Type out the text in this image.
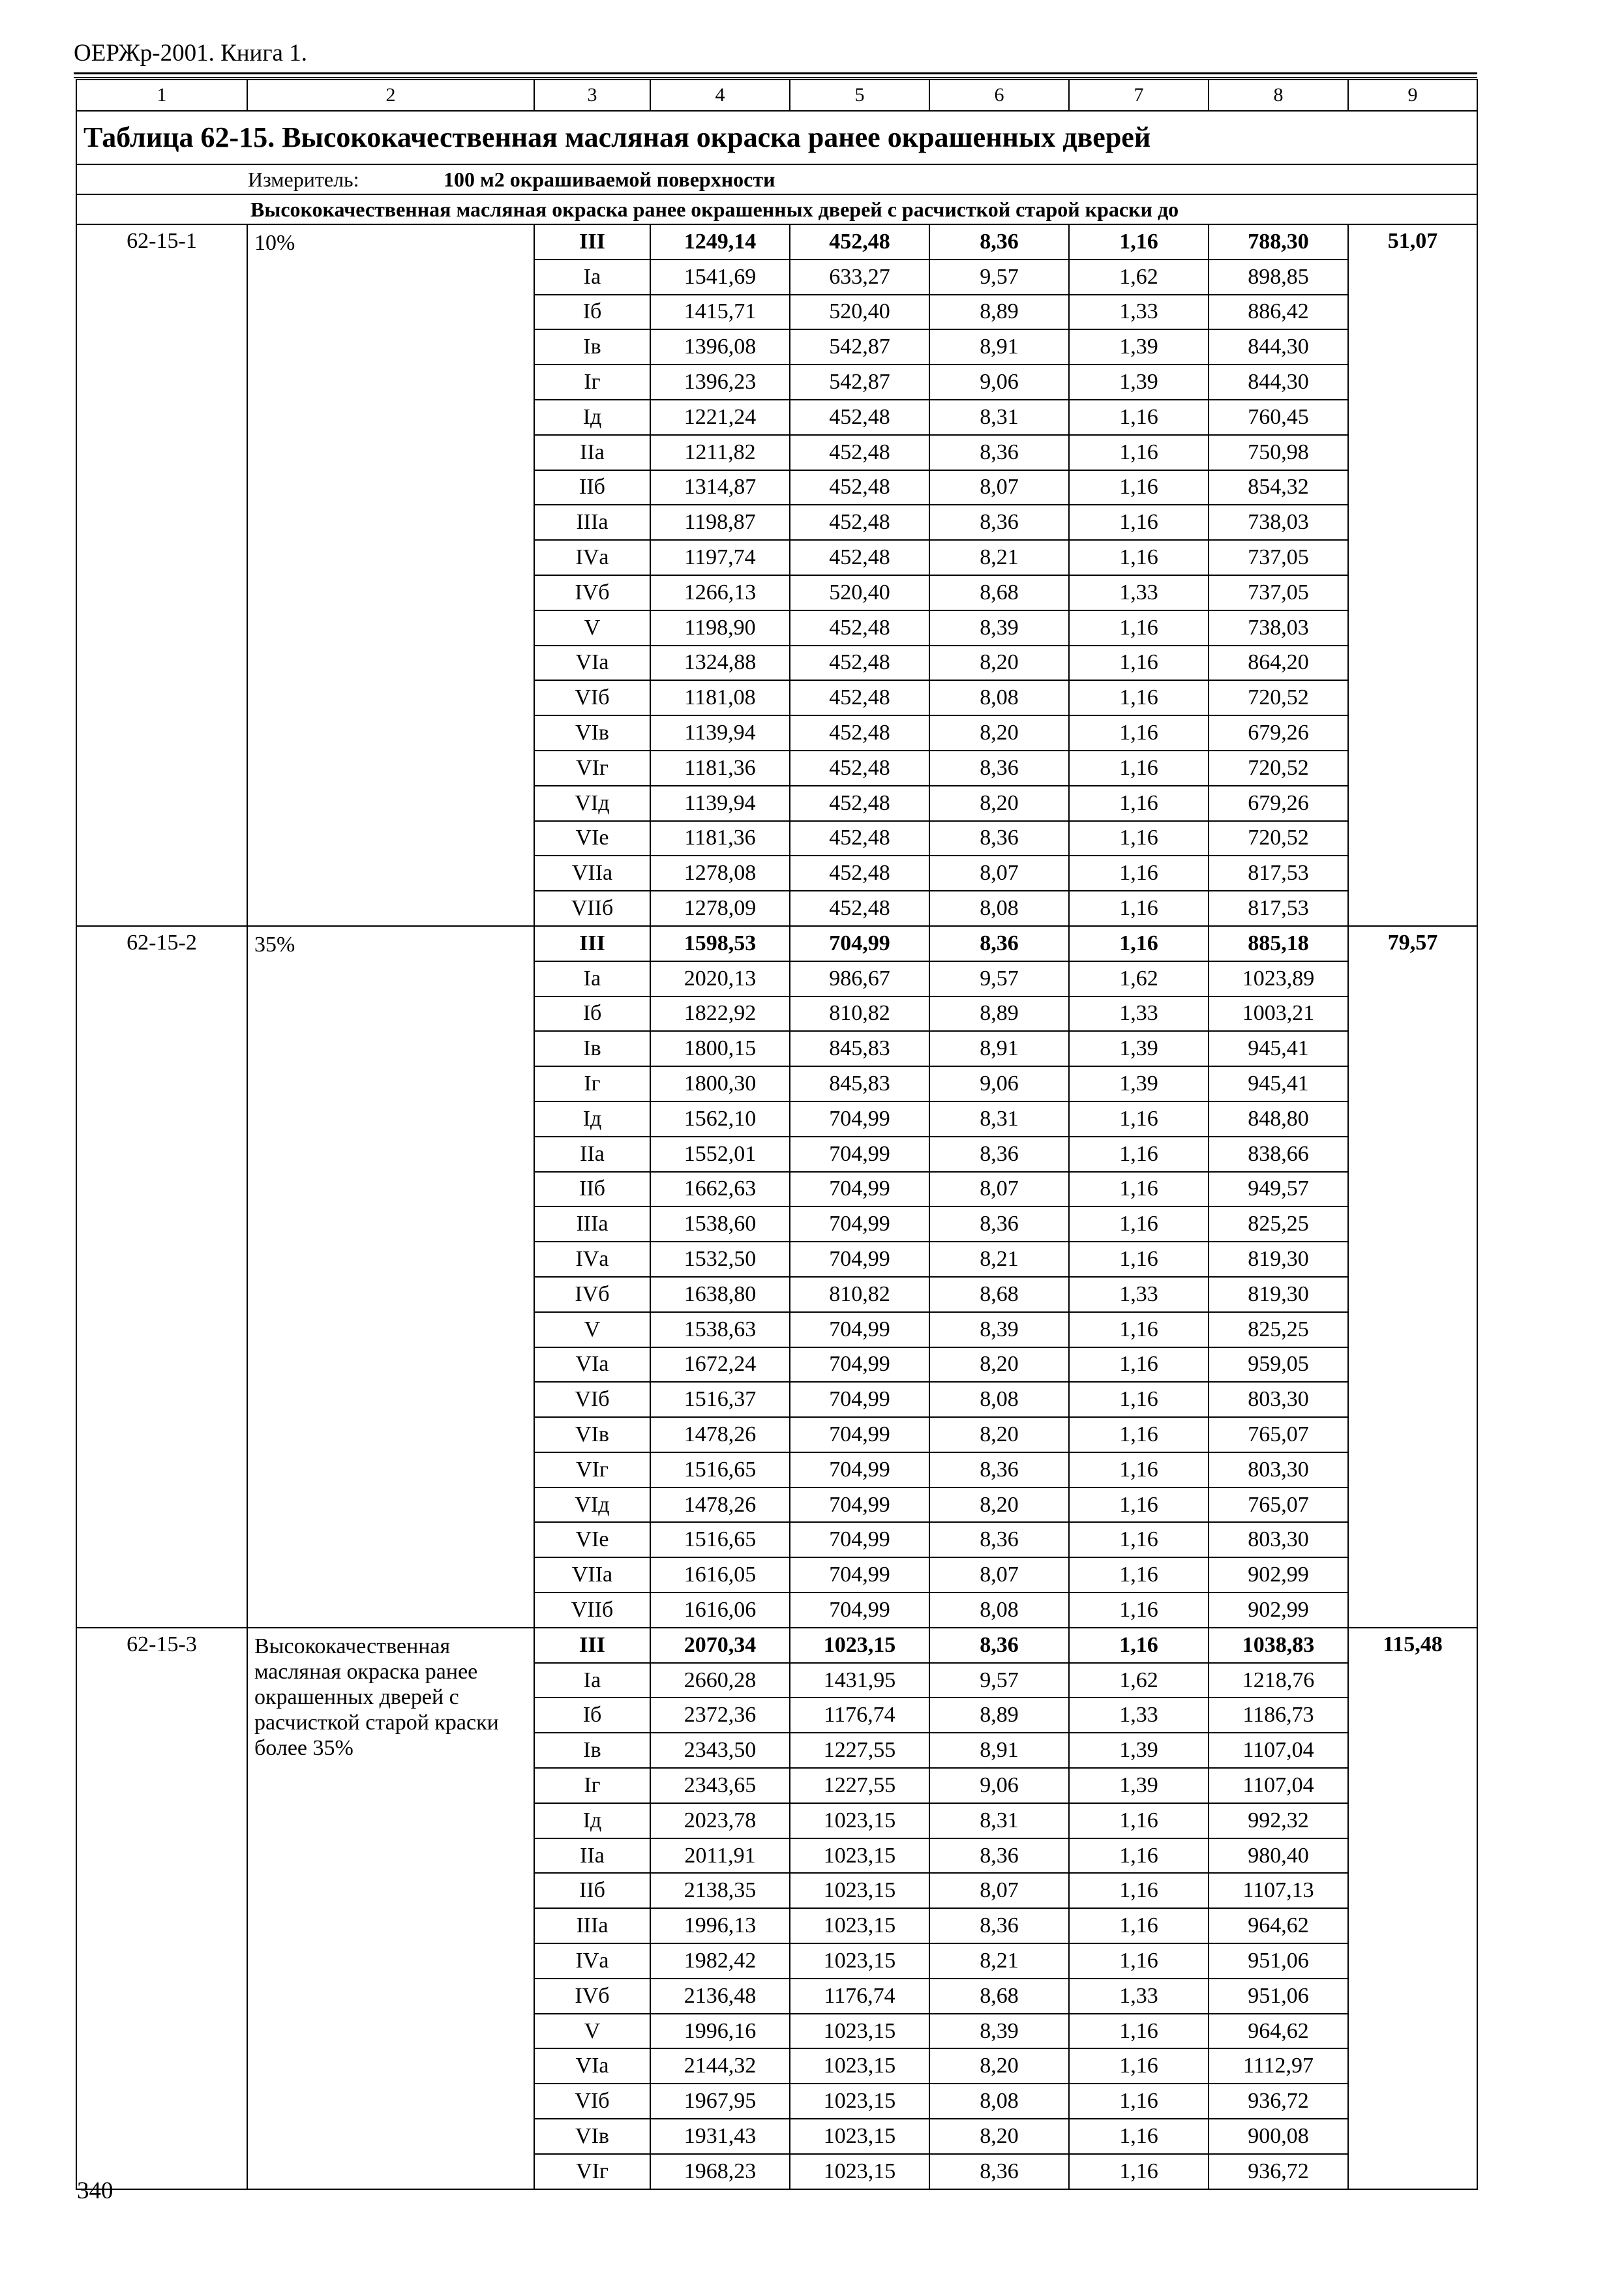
ОЕРЖр-2001. Книга 1.
1	2	3	4	5	6	7	8	9
Таблица 62-15. Высококачественная масляная окраска ранее окрашенных дверей								
Измеритель: 100 м2 окрашиваемой поверхности								
Высококачественная масляная окраска ранее окрашенных дверей с расчисткой старой краски до								
62-15-1	10%	III	1249,14	452,48	8,36	1,16	788,30	51,07
		Iа	1541,69	633,27	9,57	1,62	898,85	
		Iб	1415,71	520,40	8,89	1,33	886,42	
		Iв	1396,08	542,87	8,91	1,39	844,30	
		Iг	1396,23	542,87	9,06	1,39	844,30	
		Iд	1221,24	452,48	8,31	1,16	760,45	
		IIа	1211,82	452,48	8,36	1,16	750,98	
		IIб	1314,87	452,48	8,07	1,16	854,32	
		IIIа	1198,87	452,48	8,36	1,16	738,03	
		IVа	1197,74	452,48	8,21	1,16	737,05	
		IVб	1266,13	520,40	8,68	1,33	737,05	
		V	1198,90	452,48	8,39	1,16	738,03	
		VIа	1324,88	452,48	8,20	1,16	864,20	
		VIб	1181,08	452,48	8,08	1,16	720,52	
		VIв	1139,94	452,48	8,20	1,16	679,26	
		VIг	1181,36	452,48	8,36	1,16	720,52	
		VIд	1139,94	452,48	8,20	1,16	679,26	
		VIе	1181,36	452,48	8,36	1,16	720,52	
		VIIа	1278,08	452,48	8,07	1,16	817,53	
		VIIб	1278,09	452,48	8,08	1,16	817,53	
62-15-2	35%	III	1598,53	704,99	8,36	1,16	885,18	79,57
		Iа	2020,13	986,67	9,57	1,62	1023,89	
		Iб	1822,92	810,82	8,89	1,33	1003,21	
		Iв	1800,15	845,83	8,91	1,39	945,41	
		Iг	1800,30	845,83	9,06	1,39	945,41	
		Iд	1562,10	704,99	8,31	1,16	848,80	
		IIа	1552,01	704,99	8,36	1,16	838,66	
		IIб	1662,63	704,99	8,07	1,16	949,57	
		IIIа	1538,60	704,99	8,36	1,16	825,25	
		IVа	1532,50	704,99	8,21	1,16	819,30	
		IVб	1638,80	810,82	8,68	1,33	819,30	
		V	1538,63	704,99	8,39	1,16	825,25	
		VIа	1672,24	704,99	8,20	1,16	959,05	
		VIб	1516,37	704,99	8,08	1,16	803,30	
		VIв	1478,26	704,99	8,20	1,16	765,07	
		VIг	1516,65	704,99	8,36	1,16	803,30	
		VIд	1478,26	704,99	8,20	1,16	765,07	
		VIе	1516,65	704,99	8,36	1,16	803,30	
		VIIа	1616,05	704,99	8,07	1,16	902,99	
		VIIб	1616,06	704,99	8,08	1,16	902,99	
62-15-3	Высококачественная масляная окраска ранее окрашенных дверей с расчисткой старой краски более 35%	III	2070,34	1023,15	8,36	1,16	1038,83	115,48
		Iа	2660,28	1431,95	9,57	1,62	1218,76	
		Iб	2372,36	1176,74	8,89	1,33	1186,73	
		Iв	2343,50	1227,55	8,91	1,39	1107,04	
		Iг	2343,65	1227,55	9,06	1,39	1107,04	
		Iд	2023,78	1023,15	8,31	1,16	992,32	
		IIа	2011,91	1023,15	8,36	1,16	980,40	
		IIб	2138,35	1023,15	8,07	1,16	1107,13	
		IIIа	1996,13	1023,15	8,36	1,16	964,62	
		IVа	1982,42	1023,15	8,21	1,16	951,06	
		IVб	2136,48	1176,74	8,68	1,33	951,06	
		V	1996,16	1023,15	8,39	1,16	964,62	
		VIа	2144,32	1023,15	8,20	1,16	1112,97	
		VIб	1967,95	1023,15	8,08	1,16	936,72	
		VIв	1931,43	1023,15	8,20	1,16	900,08	
		VIг	1968,23	1023,15	8,36	1,16	936,72	
340
